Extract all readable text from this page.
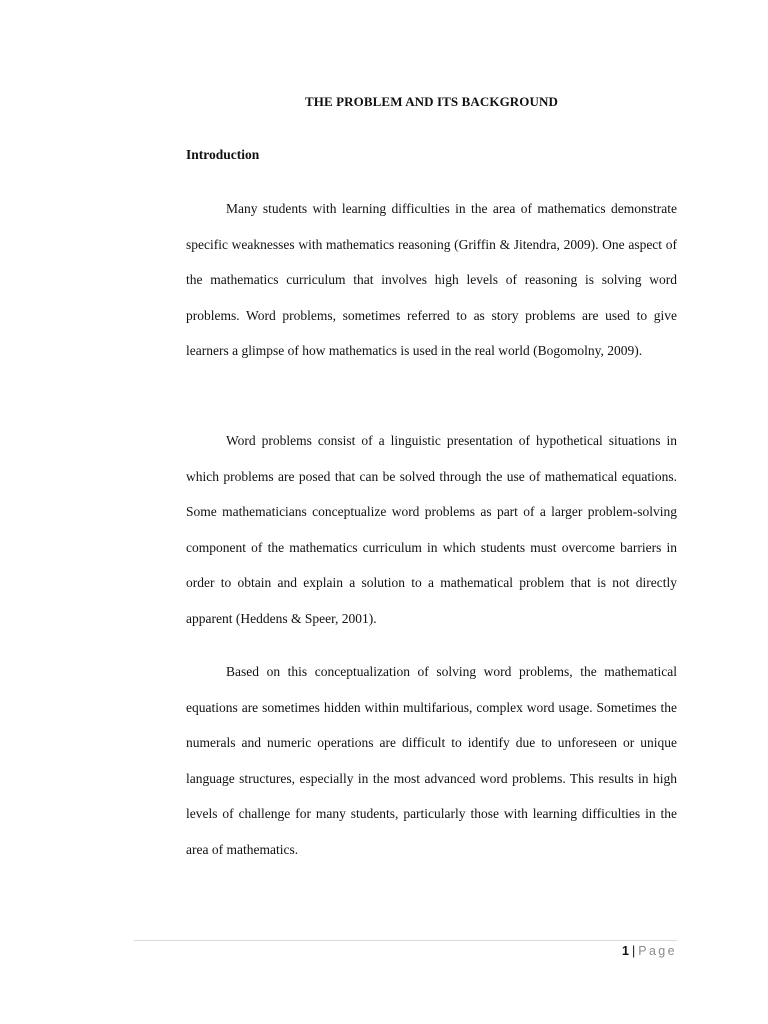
THE PROBLEM AND ITS BACKGROUND
Introduction

Many students with learning difficulties in the area of mathematics demonstrate specific weaknesses with mathematics reasoning (Griffin & Jitendra, 2009). One aspect of the mathematics curriculum that involves high levels of reasoning is solving word problems. Word problems, sometimes referred to as story problems are used to give learners a glimpse of how mathematics is used in the real world (Bogomolny, 2009).

Word problems consist of a linguistic presentation of hypothetical situations in which problems are posed that can be solved through the use of mathematical equations. Some mathematicians conceptualize word problems as part of a larger problem-solving component of the mathematics curriculum in which students must overcome barriers in order to obtain and explain a solution to a mathematical problem that is not directly apparent (Heddens & Speer, 2001).

Based on this conceptualization of solving word problems, the mathematical equations are sometimes hidden within multifarious, complex word usage. Sometimes the numerals and numeric operations are difficult to identify due to unforeseen or unique language structures, especially in the most advanced word problems. This results in high levels of challenge for many students, particularly those with learning difficulties in the area of mathematics.

1 | Page
